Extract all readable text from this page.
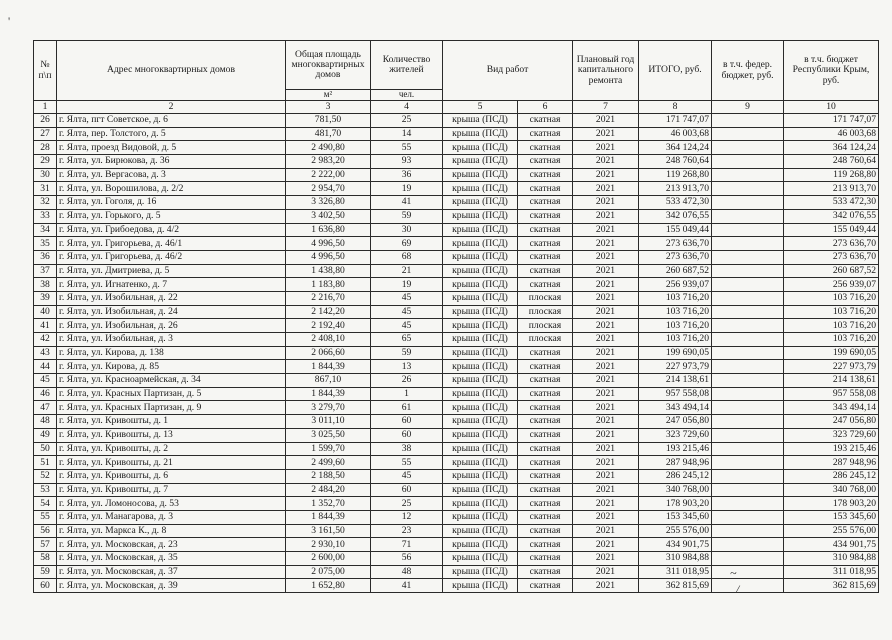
'
№ п\п	Адрес многоквартирных домов	Общая площадь многоквартирных домов	Количество жителей	Вид работ		Плановый год капитального ремонта	ИТОГО, руб.	в т.ч. федер. бюджет, руб.	в т.ч. бюджет Республики Крым, руб.
		м²	чел.						
1	2	3	4	5	6	7	8	9	10
26	г. Ялта, пгт Советское, д. 6	781,50	25	крыша (ПСД)	скатная	2021	171 747,07		171 747,07
27	г. Ялта, пер. Толстого, д. 5	481,70	14	крыша (ПСД)	скатная	2021	46 003,68		46 003,68
28	г. Ялта, проезд Видовой, д. 5	2 490,80	55	крыша (ПСД)	скатная	2021	364 124,24		364 124,24
29	г. Ялта, ул. Бирюкова, д. 36	2 983,20	93	крыша (ПСД)	скатная	2021	248 760,64		248 760,64
30	г. Ялта, ул. Вергасова, д. 3	2 222,00	36	крыша (ПСД)	скатная	2021	119 268,80		119 268,80
31	г. Ялта, ул. Ворошилова, д. 2/2	2 954,70	19	крыша (ПСД)	скатная	2021	213 913,70		213 913,70
32	г. Ялта, ул. Гоголя, д. 16	3 326,80	41	крыша (ПСД)	скатная	2021	533 472,30		533 472,30
33	г. Ялта, ул. Горького, д. 5	3 402,50	59	крыша (ПСД)	скатная	2021	342 076,55		342 076,55
34	г. Ялта, ул. Грибоедова, д. 4/2	1 636,80	30	крыша (ПСД)	скатная	2021	155 049,44		155 049,44
35	г. Ялта, ул. Григорьева, д. 46/1	4 996,50	69	крыша (ПСД)	скатная	2021	273 636,70		273 636,70
36	г. Ялта, ул. Григорьева, д. 46/2	4 996,50	68	крыша (ПСД)	скатная	2021	273 636,70		273 636,70
37	г. Ялта, ул. Дмитриева, д. 5	1 438,80	21	крыша (ПСД)	скатная	2021	260 687,52		260 687,52
38	г. Ялта, ул. Игнатенко, д. 7	1 183,80	19	крыша (ПСД)	скатная	2021	256 939,07		256 939,07
39	г. Ялта, ул. Изобильная, д. 22	2 216,70	45	крыша (ПСД)	плоская	2021	103 716,20		103 716,20
40	г. Ялта, ул. Изобильная, д. 24	2 142,20	45	крыша (ПСД)	плоская	2021	103 716,20		103 716,20
41	г. Ялта, ул. Изобильная, д. 26	2 192,40	45	крыша (ПСД)	плоская	2021	103 716,20		103 716,20
42	г. Ялта, ул. Изобильная, д. 3	2 408,10	65	крыша (ПСД)	плоская	2021	103 716,20		103 716,20
43	г. Ялта, ул. Кирова, д. 138	2 066,60	59	крыша (ПСД)	скатная	2021	199 690,05		199 690,05
44	г. Ялта, ул. Кирова, д. 85	1 844,39	13	крыша (ПСД)	скатная	2021	227 973,79		227 973,79
45	г. Ялта, ул. Красноармейская, д. 34	867,10	26	крыша (ПСД)	скатная	2021	214 138,61		214 138,61
46	г. Ялта, ул. Красных Партизан, д. 5	1 844,39	1	крыша (ПСД)	скатная	2021	957 558,08		957 558,08
47	г. Ялта, ул. Красных Партизан, д. 9	3 279,70	61	крыша (ПСД)	скатная	2021	343 494,14		343 494,14
48	г. Ялта, ул. Кривошты, д. 1	3 011,10	60	крыша (ПСД)	скатная	2021	247 056,80		247 056,80
49	г. Ялта, ул. Кривошты, д. 13	3 025,50	60	крыша (ПСД)	скатная	2021	323 729,60		323 729,60
50	г. Ялта, ул. Кривошты, д. 2	1 599,70	38	крыша (ПСД)	скатная	2021	193 215,46		193 215,46
51	г. Ялта, ул. Кривошты, д. 21	2 499,60	55	крыша (ПСД)	скатная	2021	287 948,96		287 948,96
52	г. Ялта, ул. Кривошты, д. 6	2 188,50	45	крыша (ПСД)	скатная	2021	286 245,12		286 245,12
53	г. Ялта, ул. Кривошты, д. 7	2 484,20	60	крыша (ПСД)	скатная	2021	340 768,00		340 768,00
54	г. Ялта, ул. Ломоносова, д. 53	1 352,70	25	крыша (ПСД)	скатная	2021	178 903,20		178 903,20
55	г. Ялта, ул. Манагарова, д. 3	1 844,39	12	крыша (ПСД)	скатная	2021	153 345,60		153 345,60
56	г. Ялта, ул. Маркса К., д. 8	3 161,50	23	крыша (ПСД)	скатная	2021	255 576,00		255 576,00
57	г. Ялта, ул. Московская, д. 23	2 930,10	71	крыша (ПСД)	скатная	2021	434 901,75		434 901,75
58	г. Ялта, ул. Московская, д. 35	2 600,00	56	крыша (ПСД)	скатная	2021	310 984,88		310 984,88
59	г. Ялта, ул. Московская, д. 37	2 075,00	48	крыша (ПСД)	скатная	2021	311 018,95		311 018,95
60	г. Ялта, ул. Московская, д. 39	1 652,80	41	крыша (ПСД)	скатная	2021	362 815,69		362 815,69
~
/
